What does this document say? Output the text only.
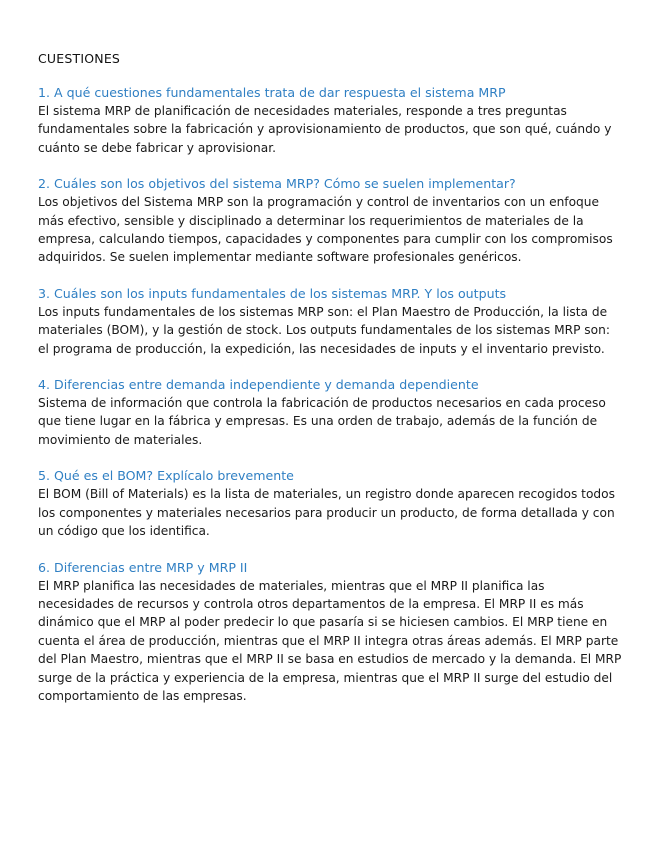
CUESTIONES

1. A qué cuestiones fundamentales trata de dar respuesta el sistema MRP

El sistema MRP de planificación de necesidades materiales, responde a tres preguntas fundamentales sobre la fabricación y aprovisionamiento de productos, que son qué, cuándo y cuánto se debe fabricar y aprovisionar.

2. Cuáles son los objetivos del sistema MRP? Cómo se suelen implementar?

Los objetivos del Sistema MRP son la programación y control de inventarios con un enfoque más efectivo, sensible y disciplinado a determinar los requerimientos de materiales de la empresa, calculando tiempos, capacidades y componentes para cumplir con los compromisos adquiridos. Se suelen implementar mediante software profesionales genéricos.

3. Cuáles son los inputs fundamentales de los sistemas MRP. Y los outputs

Los inputs fundamentales de los sistemas MRP son: el Plan Maestro de Producción, la lista de materiales (BOM), y la gestión de stock. Los outputs fundamentales de los sistemas MRP son: el programa de producción, la expedición, las necesidades de inputs y el inventario previsto.

4. Diferencias entre demanda independiente y demanda dependiente

Sistema de información que controla la fabricación de productos necesarios en cada proceso que tiene lugar en la fábrica y empresas. Es una orden de trabajo, además de la función de movimiento de materiales.

5. Qué es el BOM? Explícalo brevemente

El BOM (Bill of Materials) es la lista de materiales, un registro donde aparecen recogidos todos los componentes y materiales necesarios para producir un producto, de forma detallada y con un código que los identifica.

6. Diferencias entre MRP y MRP II

El MRP planifica las necesidades de materiales, mientras que el MRP II planifica las necesidades de recursos y controla otros departamentos de la empresa. El MRP II es más dinámico que el MRP al poder predecir lo que pasaría si se hiciesen cambios. El MRP tiene en cuenta el área de producción, mientras que el MRP II integra otras áreas además. El MRP parte del Plan Maestro, mientras que el MRP II se basa en estudios de mercado y la demanda. El MRP surge de la práctica y experiencia de la empresa, mientras que el MRP II surge del estudio del comportamiento de las empresas.
